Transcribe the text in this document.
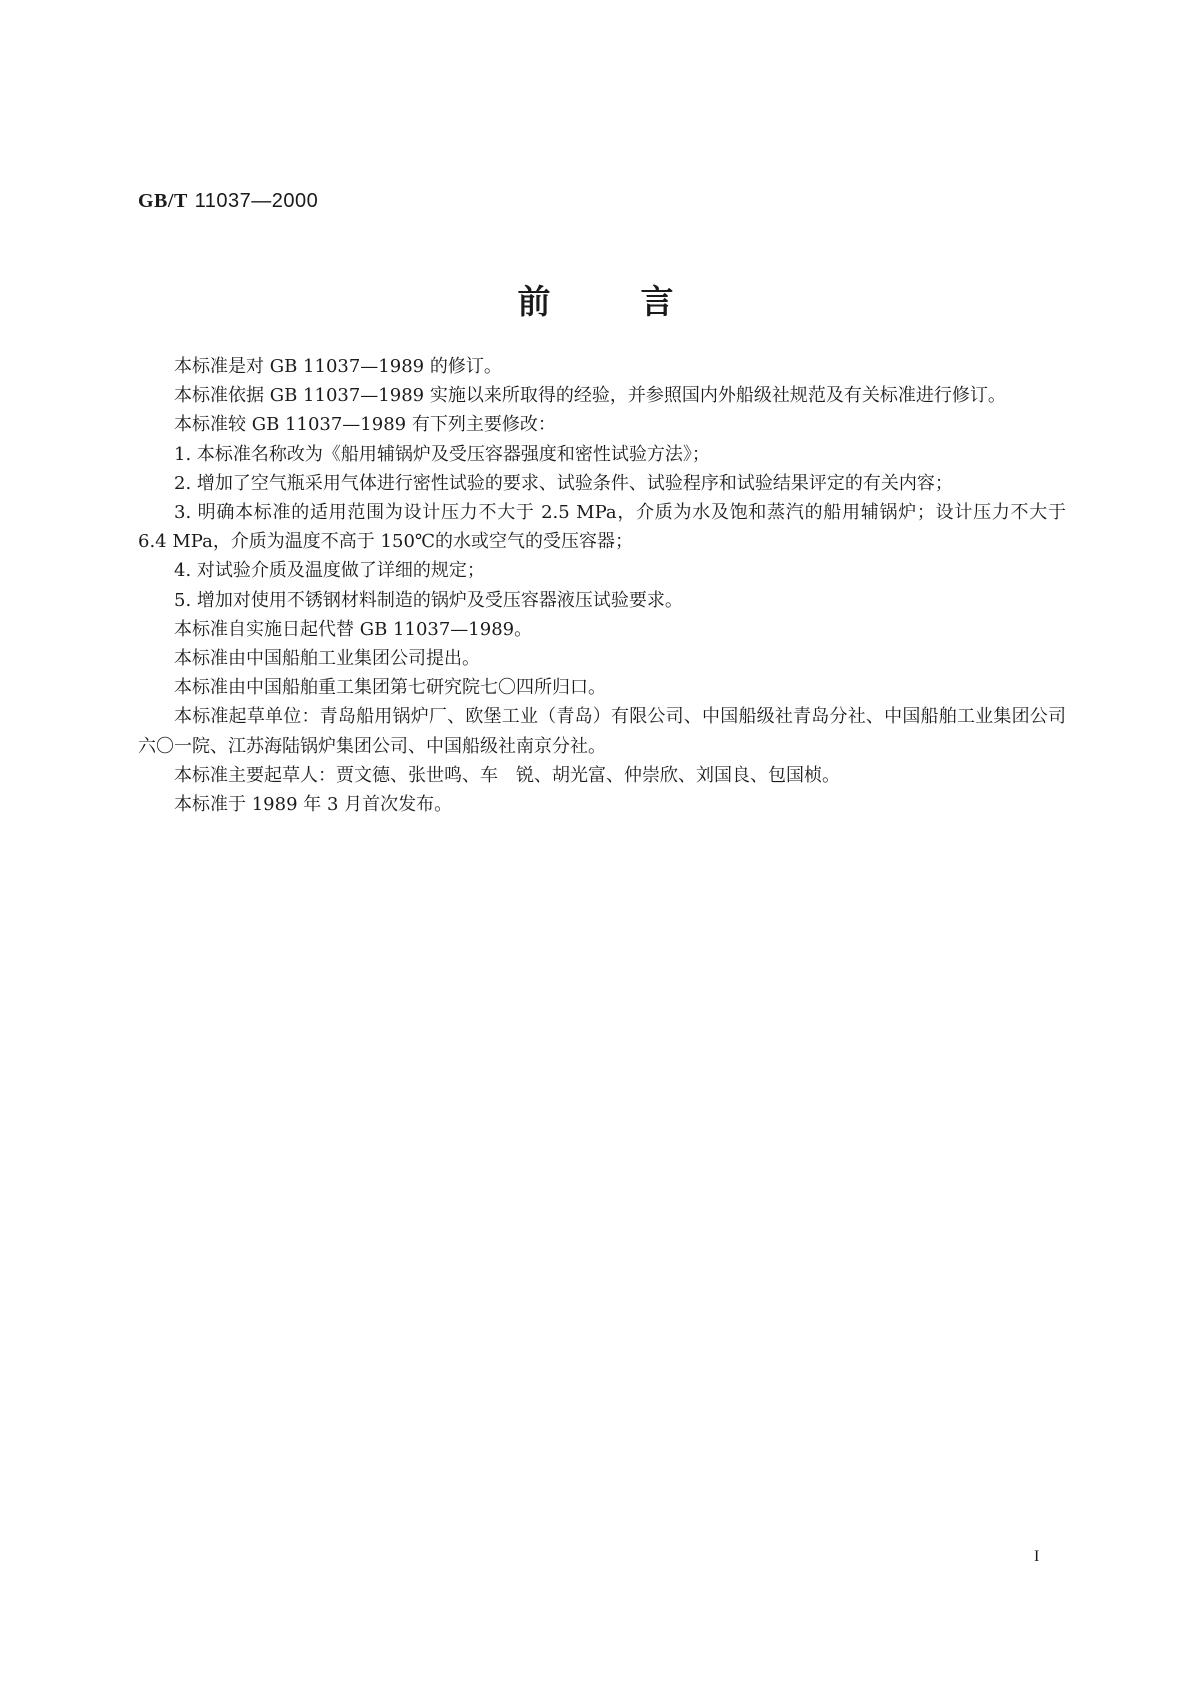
GB/T 11037—2000
前言

本标准是对 GB 11037—1989 的修订。

本标准依据 GB 11037—1989 实施以来所取得的经验，并参照国内外船级社规范及有关标准进行修订。

本标准较 GB 11037—1989 有下列主要修改：

1. 本标准名称改为《船用辅锅炉及受压容器强度和密性试验方法》；

2. 增加了空气瓶采用气体进行密性试验的要求、试验条件、试验程序和试验结果评定的有关内容；

3. 明确本标准的适用范围为设计压力不大于 2.5 MPa，介质为水及饱和蒸汽的船用辅锅炉；设计压力不大于 6.4 MPa，介质为温度不高于 150℃的水或空气的受压容器；

4. 对试验介质及温度做了详细的规定；

5. 增加对使用不锈钢材料制造的锅炉及受压容器液压试验要求。

本标准自实施日起代替 GB 11037—1989。

本标准由中国船舶工业集团公司提出。

本标准由中国船舶重工集团第七研究院七〇四所归口。

本标准起草单位：青岛船用锅炉厂、欧堡工业（青岛）有限公司、中国船级社青岛分社、中国船舶工业集团公司六〇一院、江苏海陆锅炉集团公司、中国船级社南京分社。

本标准主要起草人：贾文德、张世鸣、车　锐、胡光富、仲崇欣、刘国良、包国桢。

本标准于 1989 年 3 月首次发布。

I
